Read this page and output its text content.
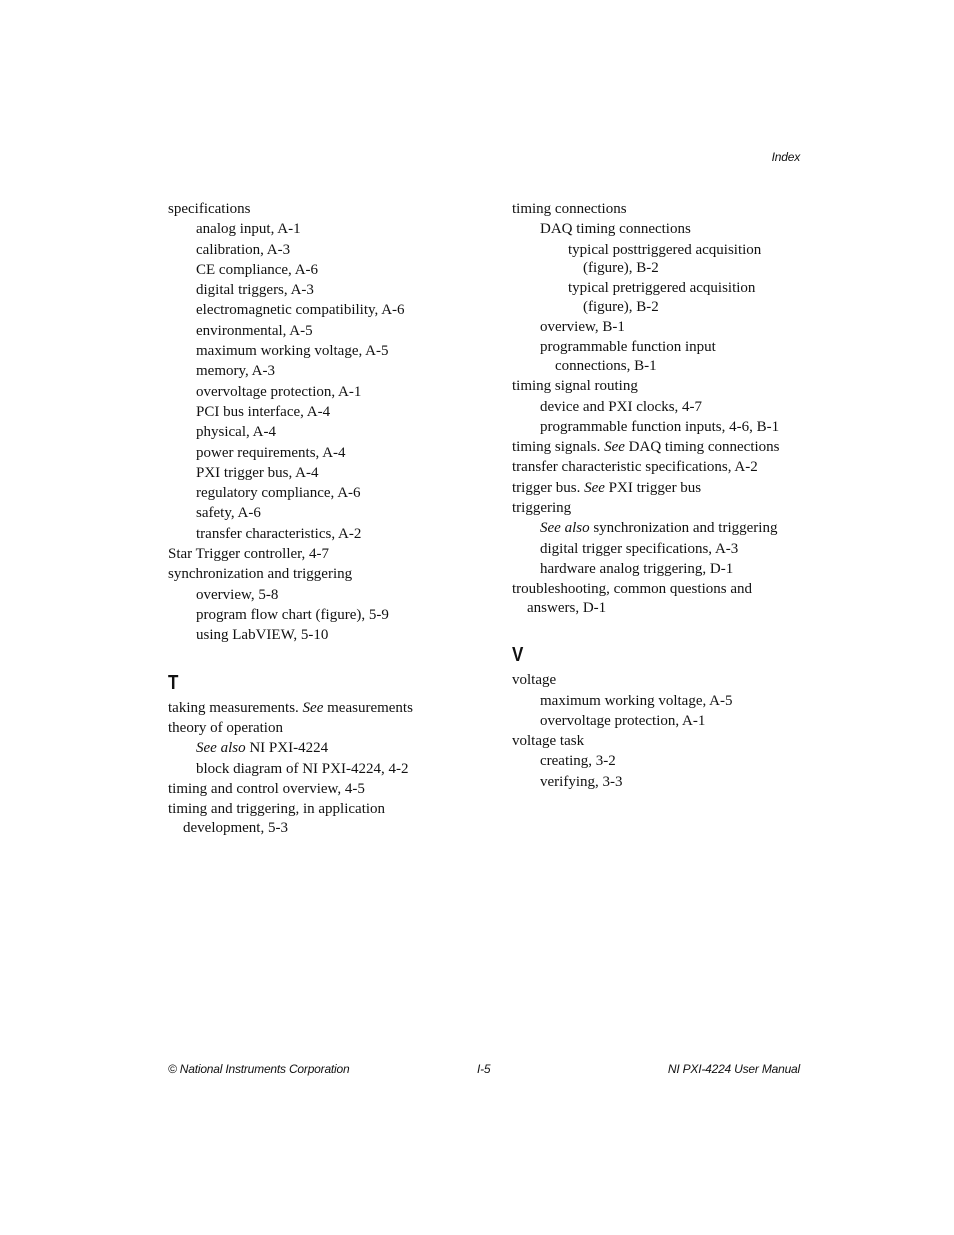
Index
specifications
analog input, A-1
calibration, A-3
CE compliance, A-6
digital triggers, A-3
electromagnetic compatibility, A-6
environmental, A-5
maximum working voltage, A-5
memory, A-3
overvoltage protection, A-1
PCI bus interface, A-4
physical, A-4
power requirements, A-4
PXI trigger bus, A-4
regulatory compliance, A-6
safety, A-6
transfer characteristics, A-2
Star Trigger controller, 4-7
synchronization and triggering
overview, 5-8
program flow chart (figure), 5-9
using LabVIEW, 5-10
T
taking measurements. See measurements
theory of operation
See also NI PXI-4224
block diagram of NI PXI-4224, 4-2
timing and control overview, 4-5
timing and triggering, in application
development, 5-3
timing connections
DAQ timing connections
typical posttriggered acquisition
(figure), B-2
typical pretriggered acquisition
(figure), B-2
overview, B-1
programmable function input
connections, B-1
timing signal routing
device and PXI clocks, 4-7
programmable function inputs, 4-6, B-1
timing signals. See DAQ timing connections
transfer characteristic specifications, A-2
trigger bus. See PXI trigger bus
triggering
See also synchronization and triggering
digital trigger specifications, A-3
hardware analog triggering, D-1
troubleshooting, common questions and
answers, D-1
V
voltage
maximum working voltage, A-5
overvoltage protection, A-1
voltage task
creating, 3-2
verifying, 3-3
© National Instruments Corporation	I-5	NI PXI-4224 User Manual
